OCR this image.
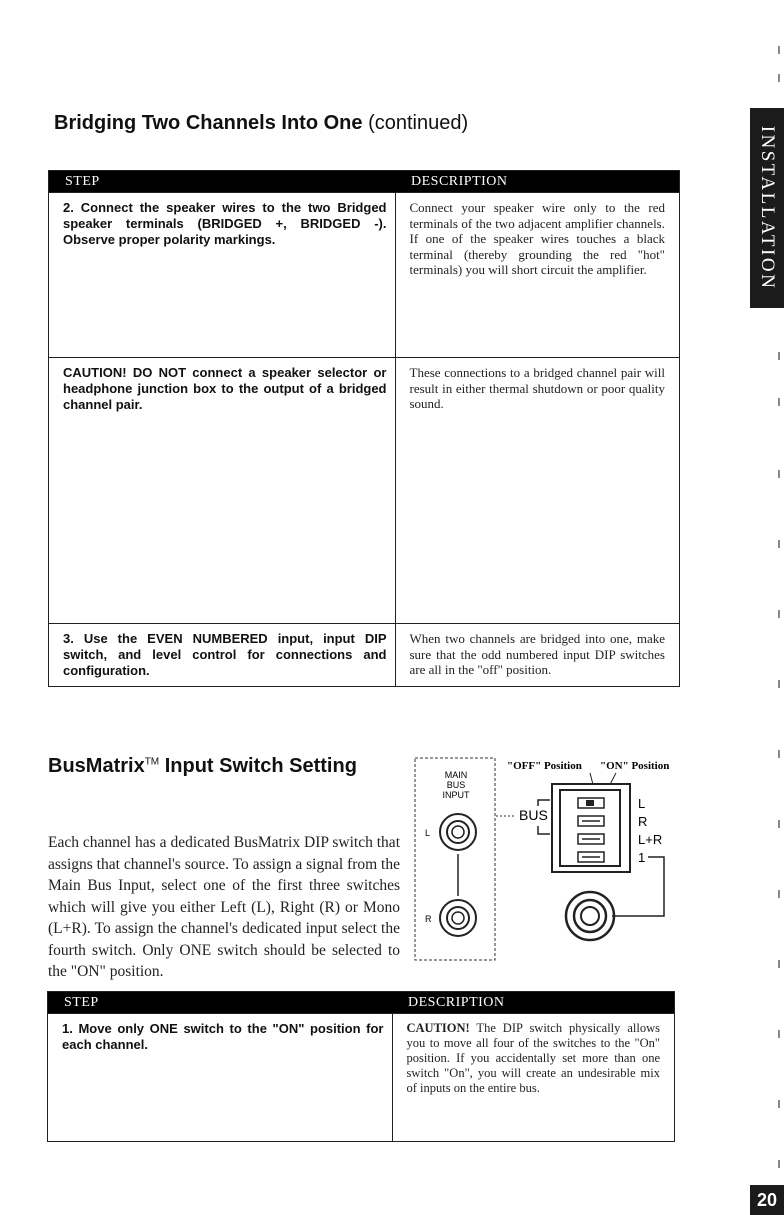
INSTALLATION
20
Bridging Two Channels Into One (continued)
STEP	DESCRIPTION
2. Connect the speaker wires to the two Bridged speaker terminals (BRIDGED +, BRIDGED -). Observe proper polarity markings.	Connect your speaker wire only to the red terminals of the two adjacent amplifier channels. If one of the speaker wires touches a black terminal (thereby grounding the red "hot" terminals) you will short circuit the amplifier.
CAUTION! DO NOT connect a speaker selector or headphone junction box to the output of a bridged channel pair.	These connections to a bridged channel pair will result in either thermal shutdown or poor quality sound.
3. Use the EVEN NUMBERED input, input DIP switch, and level control for connections and configuration.	When two channels are bridged into one, make sure that the odd numbered input DIP switches are all in the "off" position.
BusMatrix™ Input Switch Setting
Each channel has a dedicated BusMatrix DIP switch that assigns that channel's source. To assign a signal from the Main Bus Input, select one of the first three switches which will give you either Left (L), Right (R) or Mono (L+R). To assign the channel's dedicated input select the fourth switch. Only ONE switch should be selected to the "ON" position.
MAIN
BUS
INPUT
L
R
"OFF" Position "ON" Position
BUS
L
R
L+R
1
STEP	DESCRIPTION
1. Move only ONE switch to the "ON" position for each channel.	CAUTION! The DIP switch physically allows you to move all four of the switches to the "On" position. If you accidentally set more than one switch "On", you will create an undesirable mix of inputs on the entire bus.
